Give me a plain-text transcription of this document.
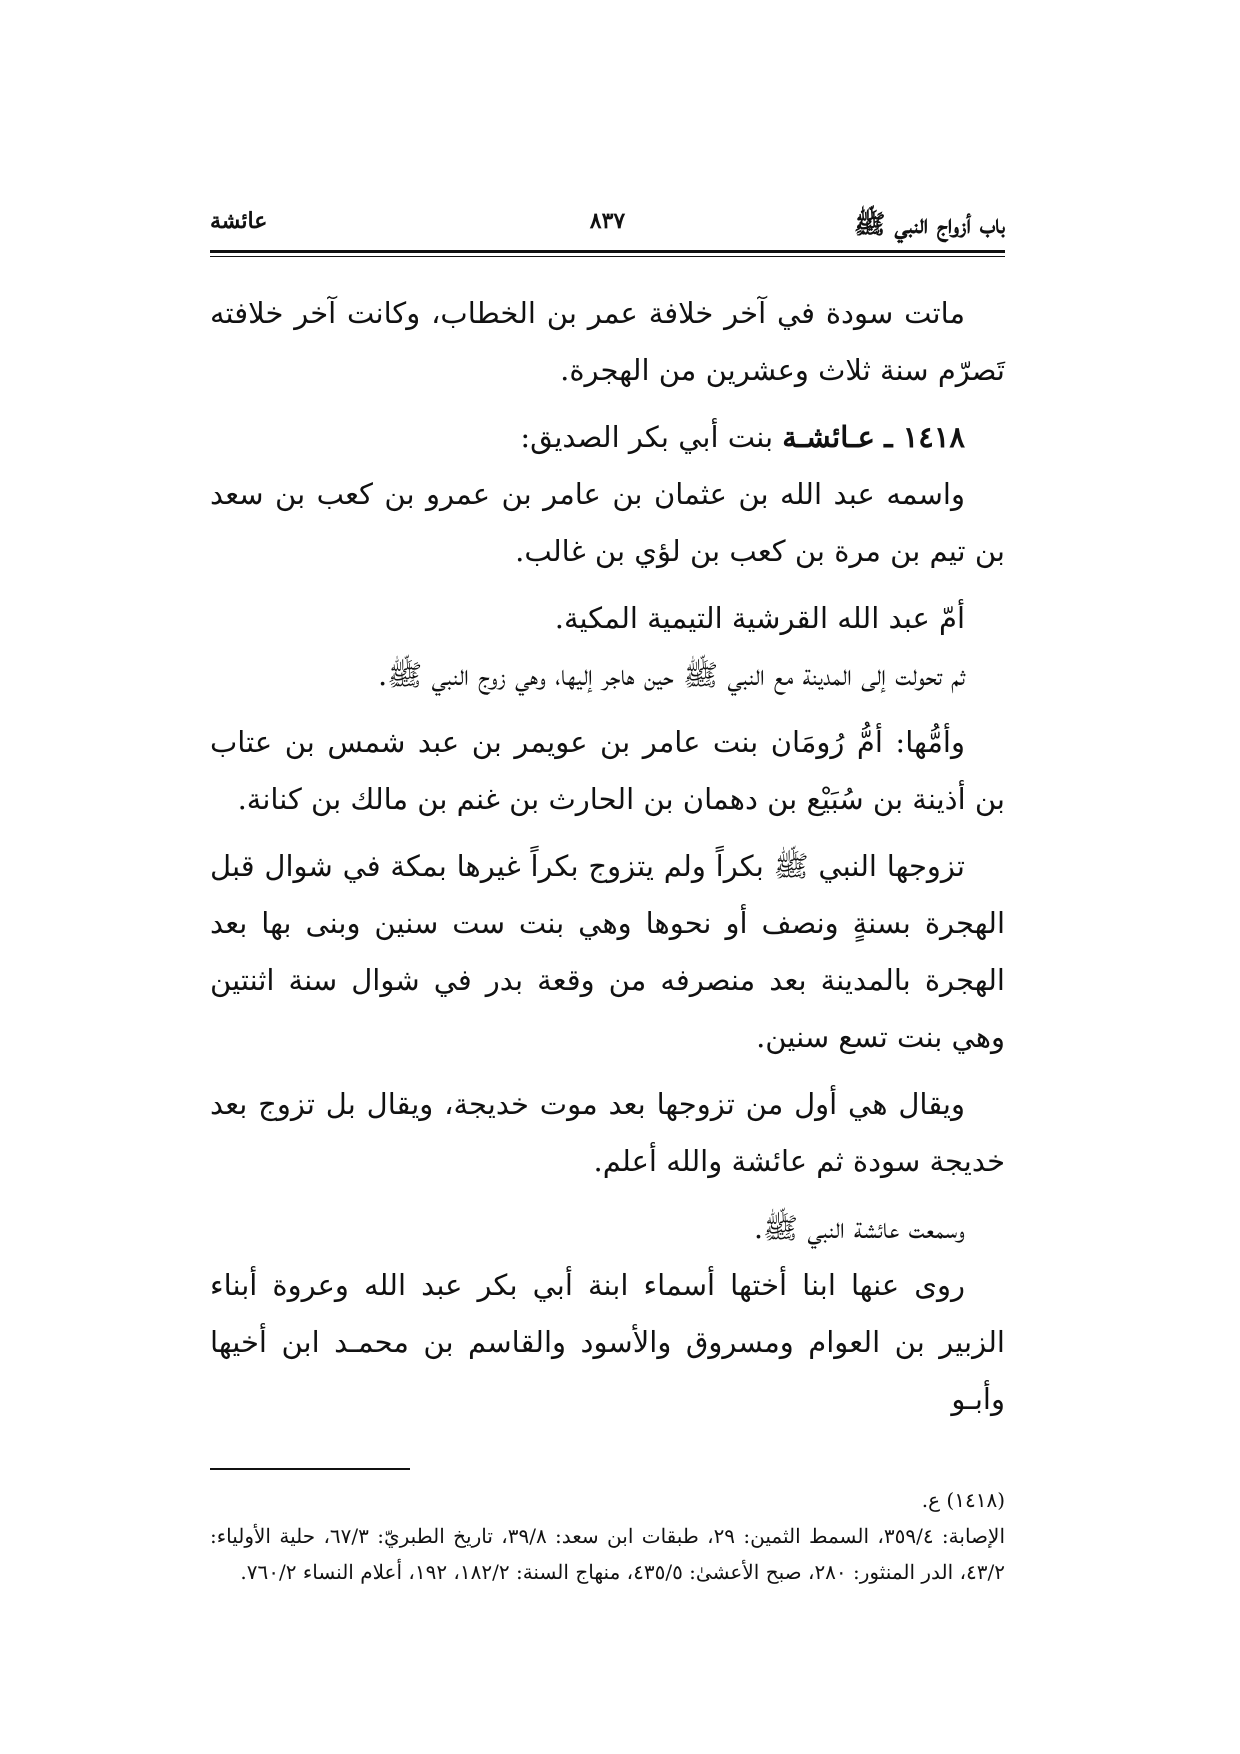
باب أزواج النبي ﷺ
٨٣٧
عائشة

ماتت سودة في آخر خلافة عمر بن الخطاب، وكانت آخر خلافته تَصرّم سنة ثلاث وعشرين من الهجرة.

١٤١٨ ـ عـائشـة بنت أبي بكر الصديق:

واسمه عبد الله بن عثمان بن عامر بن عمرو بن كعب بن سعد بن تيم بن مرة بن كعب بن لؤي بن غالب.

أمّ عبد الله القرشية التيمية المكية.

ثم تحولت إلى المدينة مع النبي ﷺ حين هاجر إليها، وهي زوج النبي ﷺ.

وأمُّها: أمُّ رُومَان بنت عامر بن عويمر بن عبد شمس بن عتاب بن أذينة بن سُبَيْع بن دهمان بن الحارث بن غنم بن مالك بن كنانة.

تزوجها النبي ﷺ بكراً ولم يتزوج بكراً غيرها بمكة في شوال قبل الهجرة بسنةٍ ونصف أو نحوها وهي بنت ست سنين وبنى بها بعد الهجرة بالمدينة بعد منصرفه من وقعة بدر في شوال سنة اثنتين وهي بنت تسع سنين.

ويقال هي أول من تزوجها بعد موت خديجة، ويقال بل تزوج بعد خديجة سودة ثم عائشة والله أعلم.

وسمعت عائشة النبي ﷺ.

روى عنها ابنا أختها أسماء ابنة أبي بكر عبد الله وعروة أبناء الزبير بن العوام ومسروق والأسود والقاسم بن محمـد ابن أخيها وأبـو

(١٤١٨) ع.
الإصابة: ٣٥٩/٤، السمط الثمين: ٢٩، طبقات ابن سعد: ٣٩/٨، تاريخ الطبريّ: ٦٧/٣، حلية الأولياء: ٤٣/٢، الدر المنثور: ٢٨٠، صبح الأعشىٰ: ٤٣٥/٥، منهاج السنة: ١٨٢/٢، ١٩٢، أعلام النساء ٧٦٠/٢.
